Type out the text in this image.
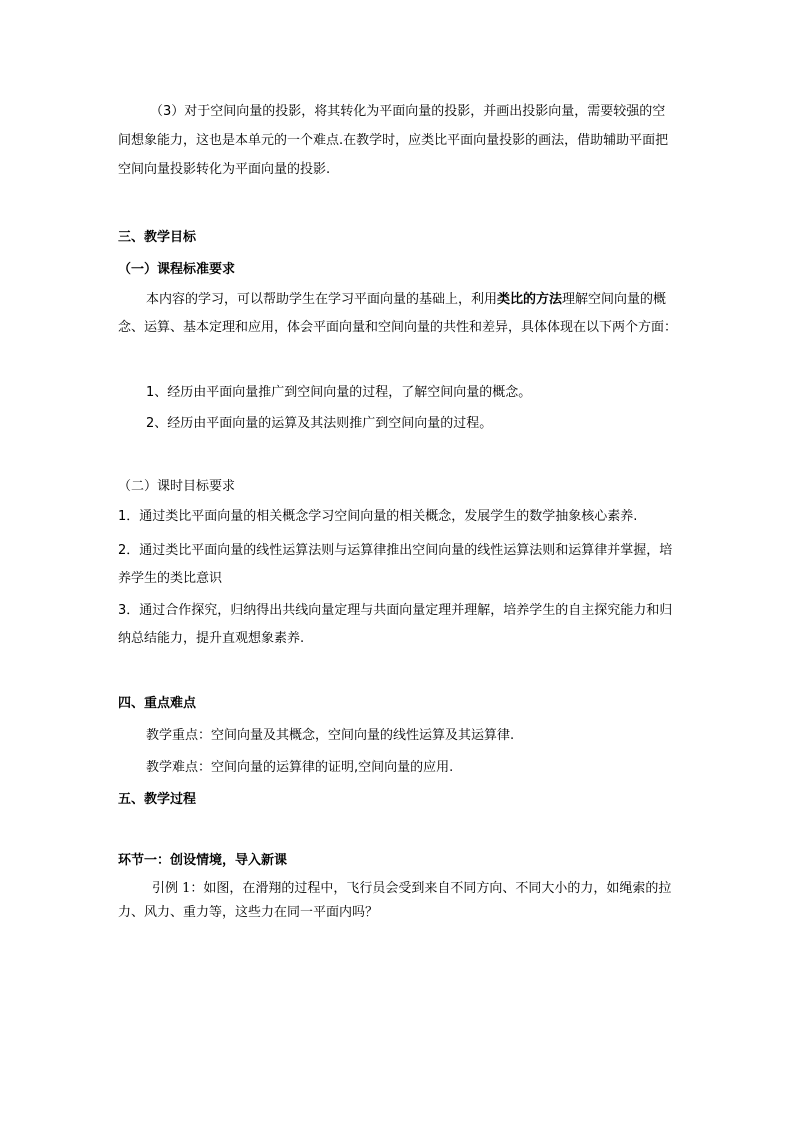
（3）对于空间向量的投影，将其转化为平面向量的投影，并画出投影向量，需要较强的空间想象能力，这也是本单元的一个难点.在教学时，应类比平面向量投影的画法，借助辅助平面把空间向量投影转化为平面向量的投影.
三、教学目标
（一）课程标准要求
本内容的学习，可以帮助学生在学习平面向量的基础上，利用类比的方法理解空间向量的概念、运算、基本定理和应用，体会平面向量和空间向量的共性和差异，具体体现在以下两个方面：
1、经历由平面向量推广到空间向量的过程，了解空间向量的概念。
2、经历由平面向量的运算及其法则推广到空间向量的过程。
（二）课时目标要求
1．通过类比平面向量的相关概念学习空间向量的相关概念，发展学生的数学抽象核心素养.
2．通过类比平面向量的线性运算法则与运算律推出空间向量的线性运算法则和运算律并掌握，培养学生的类比意识
3．通过合作探究，归纳得出共线向量定理与共面向量定理并理解，培养学生的自主探究能力和归纳总结能力，提升直观想象素养.
四、重点难点
教学重点：空间向量及其概念，空间向量的线性运算及其运算律.
教学难点：空间向量的运算律的证明,空间向量的应用.
五、教学过程
环节一：创设情境，导入新课
引例 1：如图，在滑翔的过程中，飞行员会受到来自不同方向、不同大小的力，如绳索的拉力、风力、重力等，这些力在同一平面内吗？
